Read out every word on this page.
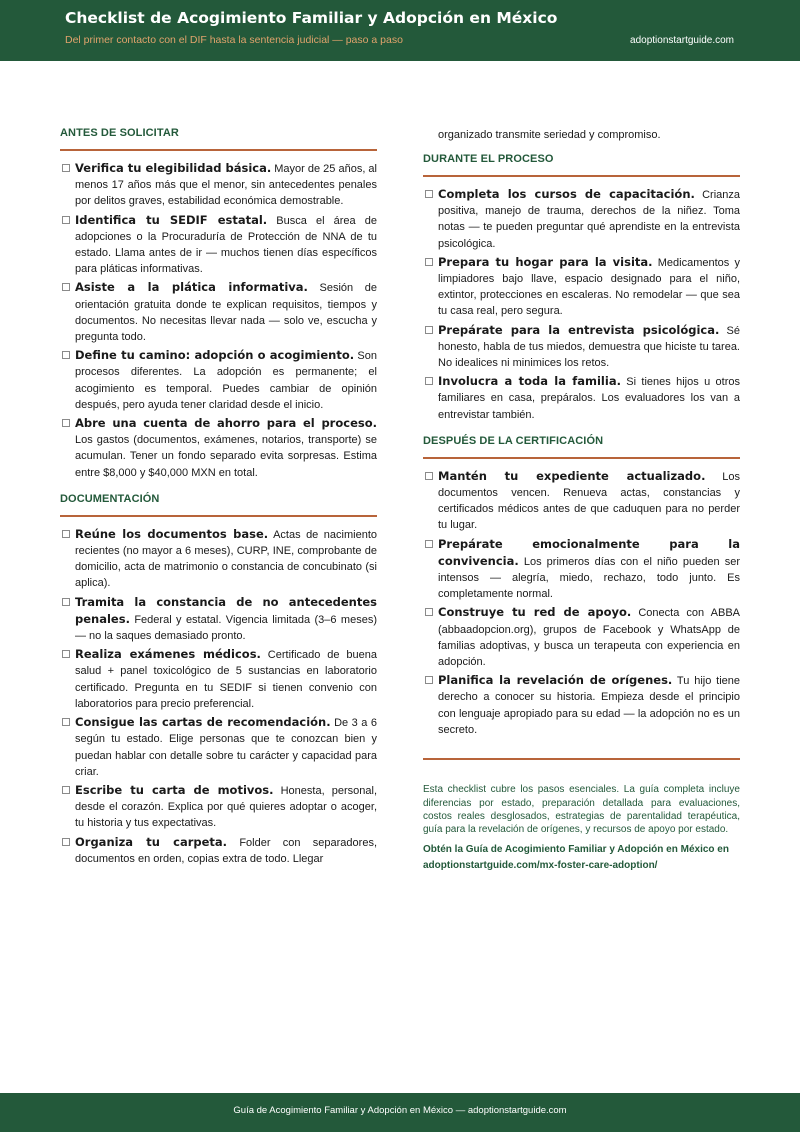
Checklist de Acogimiento Familiar y Adopción en México
Del primer contacto con el DIF hasta la sentencia judicial — paso a paso	adoptionstartguide.com
ANTES DE SOLICITAR
Verifica tu elegibilidad básica. Mayor de 25 años, al menos 17 años más que el menor, sin antecedentes penales por delitos graves, estabilidad económica demostrable.
Identifica tu SEDIF estatal. Busca el área de adopciones o la Procuraduría de Protección de NNA de tu estado. Llama antes de ir — muchos tienen días específicos para pláticas informativas.
Asiste a la plática informativa. Sesión de orientación gratuita donde te explican requisitos, tiempos y documentos. No necesitas llevar nada — solo ve, escucha y pregunta todo.
Define tu camino: adopción o acogimiento. Son procesos diferentes. La adopción es permanente; el acogimiento es temporal. Puedes cambiar de opinión después, pero ayuda tener claridad desde el inicio.
Abre una cuenta de ahorro para el proceso. Los gastos (documentos, exámenes, notarios, transporte) se acumulan. Tener un fondo separado evita sorpresas. Estima entre $8,000 y $40,000 MXN en total.
DOCUMENTACIÓN
Reúne los documentos base. Actas de nacimiento recientes (no mayor a 6 meses), CURP, INE, comprobante de domicilio, acta de matrimonio o constancia de concubinato (si aplica).
Tramita la constancia de no antecedentes penales. Federal y estatal. Vigencia limitada (3–6 meses) — no la saques demasiado pronto.
Realiza exámenes médicos. Certificado de buena salud + panel toxicológico de 5 sustancias en laboratorio certificado. Pregunta en tu SEDIF si tienen convenio con laboratorios para precio preferencial.
Consigue las cartas de recomendación. De 3 a 6 según tu estado. Elige personas que te conozcan bien y puedan hablar con detalle sobre tu carácter y capacidad para criar.
Escribe tu carta de motivos. Honesta, personal, desde el corazón. Explica por qué quieres adoptar o acoger, tu historia y tus expectativas.
Organiza tu carpeta. Folder con separadores, documentos en orden, copias extra de todo. Llegar
organizado transmite seriedad y compromiso.
DURANTE EL PROCESO
Completa los cursos de capacitación. Crianza positiva, manejo de trauma, derechos de la niñez. Toma notas — te pueden preguntar qué aprendiste en la entrevista psicológica.
Prepara tu hogar para la visita. Medicamentos y limpiadores bajo llave, espacio designado para el niño, extintor, protecciones en escaleras. No remodelar — que sea tu casa real, pero segura.
Prepárate para la entrevista psicológica. Sé honesto, habla de tus miedos, demuestra que hiciste tu tarea. No idealices ni minimices los retos.
Involucra a toda la familia. Si tienes hijos u otros familiares en casa, prepáralos. Los evaluadores los van a entrevistar también.
DESPUÉS DE LA CERTIFICACIÓN
Mantén tu expediente actualizado. Los documentos vencen. Renueva actas, constancias y certificados médicos antes de que caduquen para no perder tu lugar.
Prepárate emocionalmente para la convivencia. Los primeros días con el niño pueden ser intensos — alegría, miedo, rechazo, todo junto. Es completamente normal.
Construye tu red de apoyo. Conecta con ABBA (abbaadopcion.org), grupos de Facebook y WhatsApp de familias adoptivas, y busca un terapeuta con experiencia en adopción.
Planifica la revelación de orígenes. Tu hijo tiene derecho a conocer su historia. Empieza desde el principio con lenguaje apropiado para su edad — la adopción no es un secreto.
Esta checklist cubre los pasos esenciales. La guía completa incluye diferencias por estado, preparación detallada para evaluaciones, costos reales desglosados, estrategias de parentalidad terapéutica, guía para la revelación de orígenes, y recursos de apoyo por estado.
Obtén la Guía de Acogimiento Familiar y Adopción en México en
adoptionstartguide.com/mx-foster-care-adoption/
Guía de Acogimiento Familiar y Adopción en México — adoptionstartguide.com
